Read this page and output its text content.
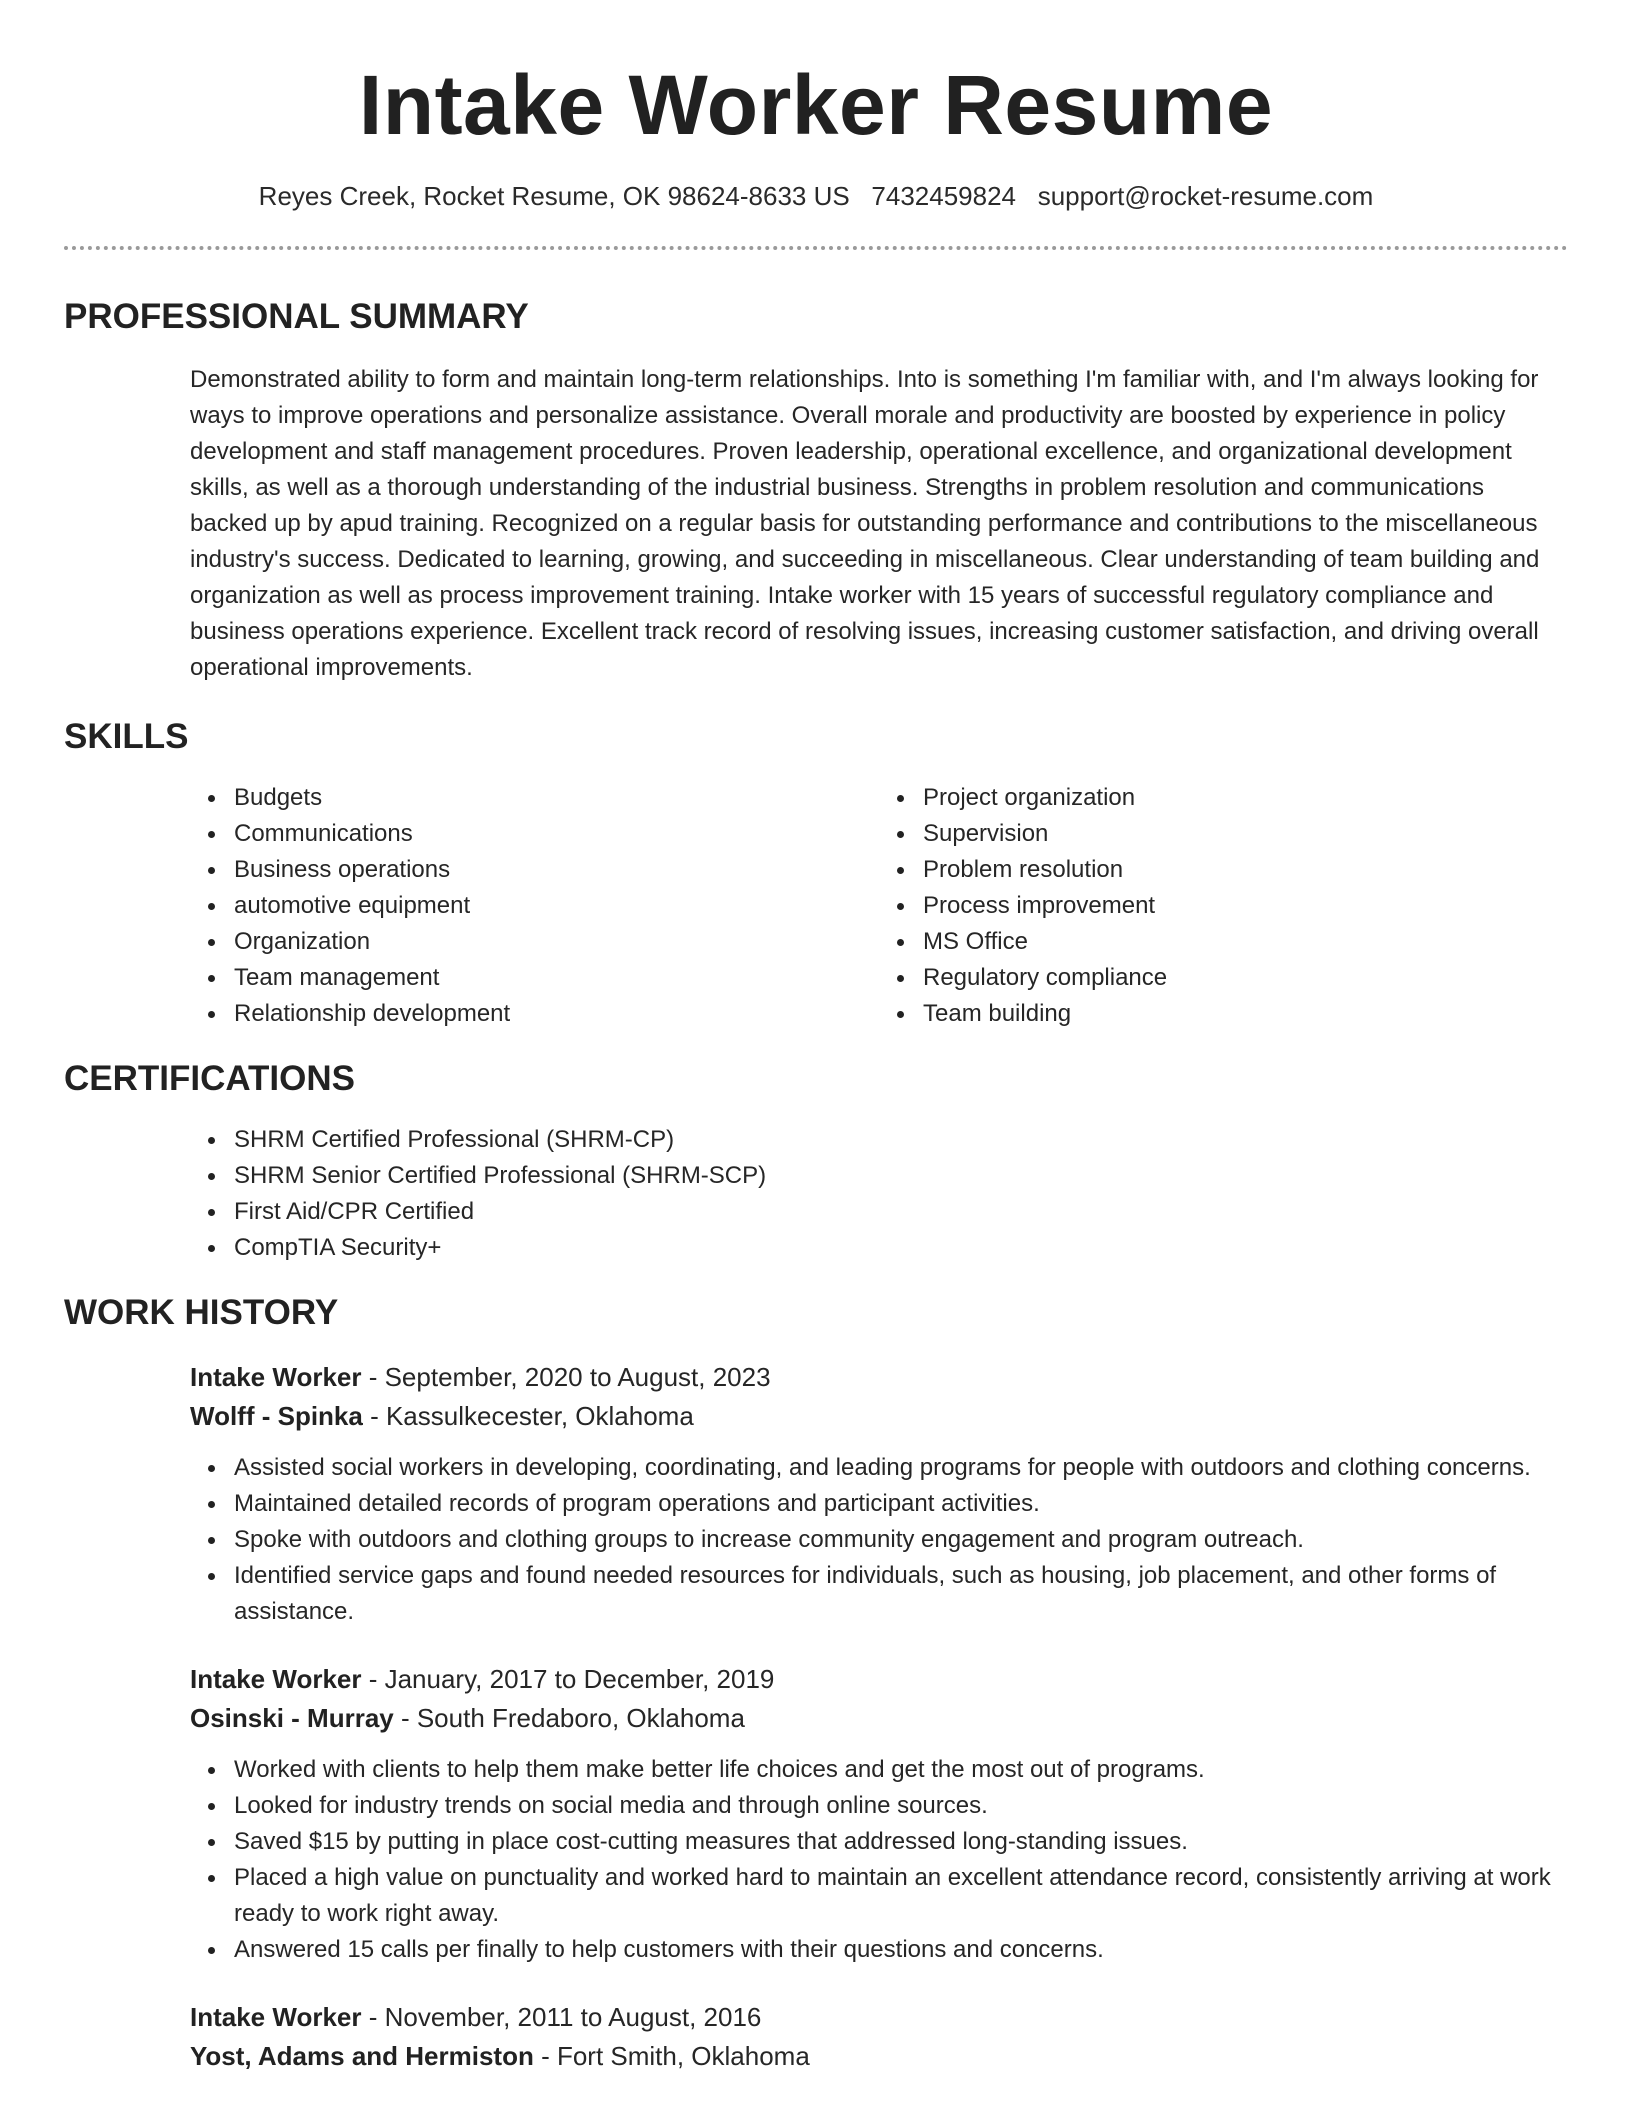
Intake Worker Resume
Reyes Creek, Rocket Resume, OK 98624-8633 US 7432459824 support@rocket-resume.com
PROFESSIONAL SUMMARY

Demonstrated ability to form and maintain long-term relationships. Into is something I'm familiar with, and I'm always looking for ways to improve operations and personalize assistance. Overall morale and productivity are boosted by experience in policy development and staff management procedures. Proven leadership, operational excellence, and organizational development skills, as well as a thorough understanding of the industrial business. Strengths in problem resolution and communications backed up by apud training. Recognized on a regular basis for outstanding performance and contributions to the miscellaneous industry's success. Dedicated to learning, growing, and succeeding in miscellaneous. Clear understanding of team building and organization as well as process improvement training. Intake worker with 15 years of successful regulatory compliance and business operations experience. Excellent track record of resolving issues, increasing customer satisfaction, and driving overall operational improvements.

SKILLS
Budgets
Communications
Business operations
automotive equipment
Organization
Team management
Relationship development
Project organization
Supervision
Problem resolution
Process improvement
MS Office
Regulatory compliance
Team building
CERTIFICATIONS
SHRM Certified Professional (SHRM-CP)
SHRM Senior Certified Professional (SHRM-SCP)
First Aid/CPR Certified
CompTIA Security+
WORK HISTORY
Intake Worker - September, 2020 to August, 2023
Wolff - Spinka - Kassulkecester, Oklahoma
Assisted social workers in developing, coordinating, and leading programs for people with outdoors and clothing concerns.
Maintained detailed records of program operations and participant activities.
Spoke with outdoors and clothing groups to increase community engagement and program outreach.
Identified service gaps and found needed resources for individuals, such as housing, job placement, and other forms of assistance.
Intake Worker - January, 2017 to December, 2019
Osinski - Murray - South Fredaboro, Oklahoma
Worked with clients to help them make better life choices and get the most out of programs.
Looked for industry trends on social media and through online sources.
Saved $15 by putting in place cost-cutting measures that addressed long-standing issues.
Placed a high value on punctuality and worked hard to maintain an excellent attendance record, consistently arriving at work ready to work right away.
Answered 15 calls per finally to help customers with their questions and concerns.
Intake Worker - November, 2011 to August, 2016
Yost, Adams and Hermiston - Fort Smith, Oklahoma
